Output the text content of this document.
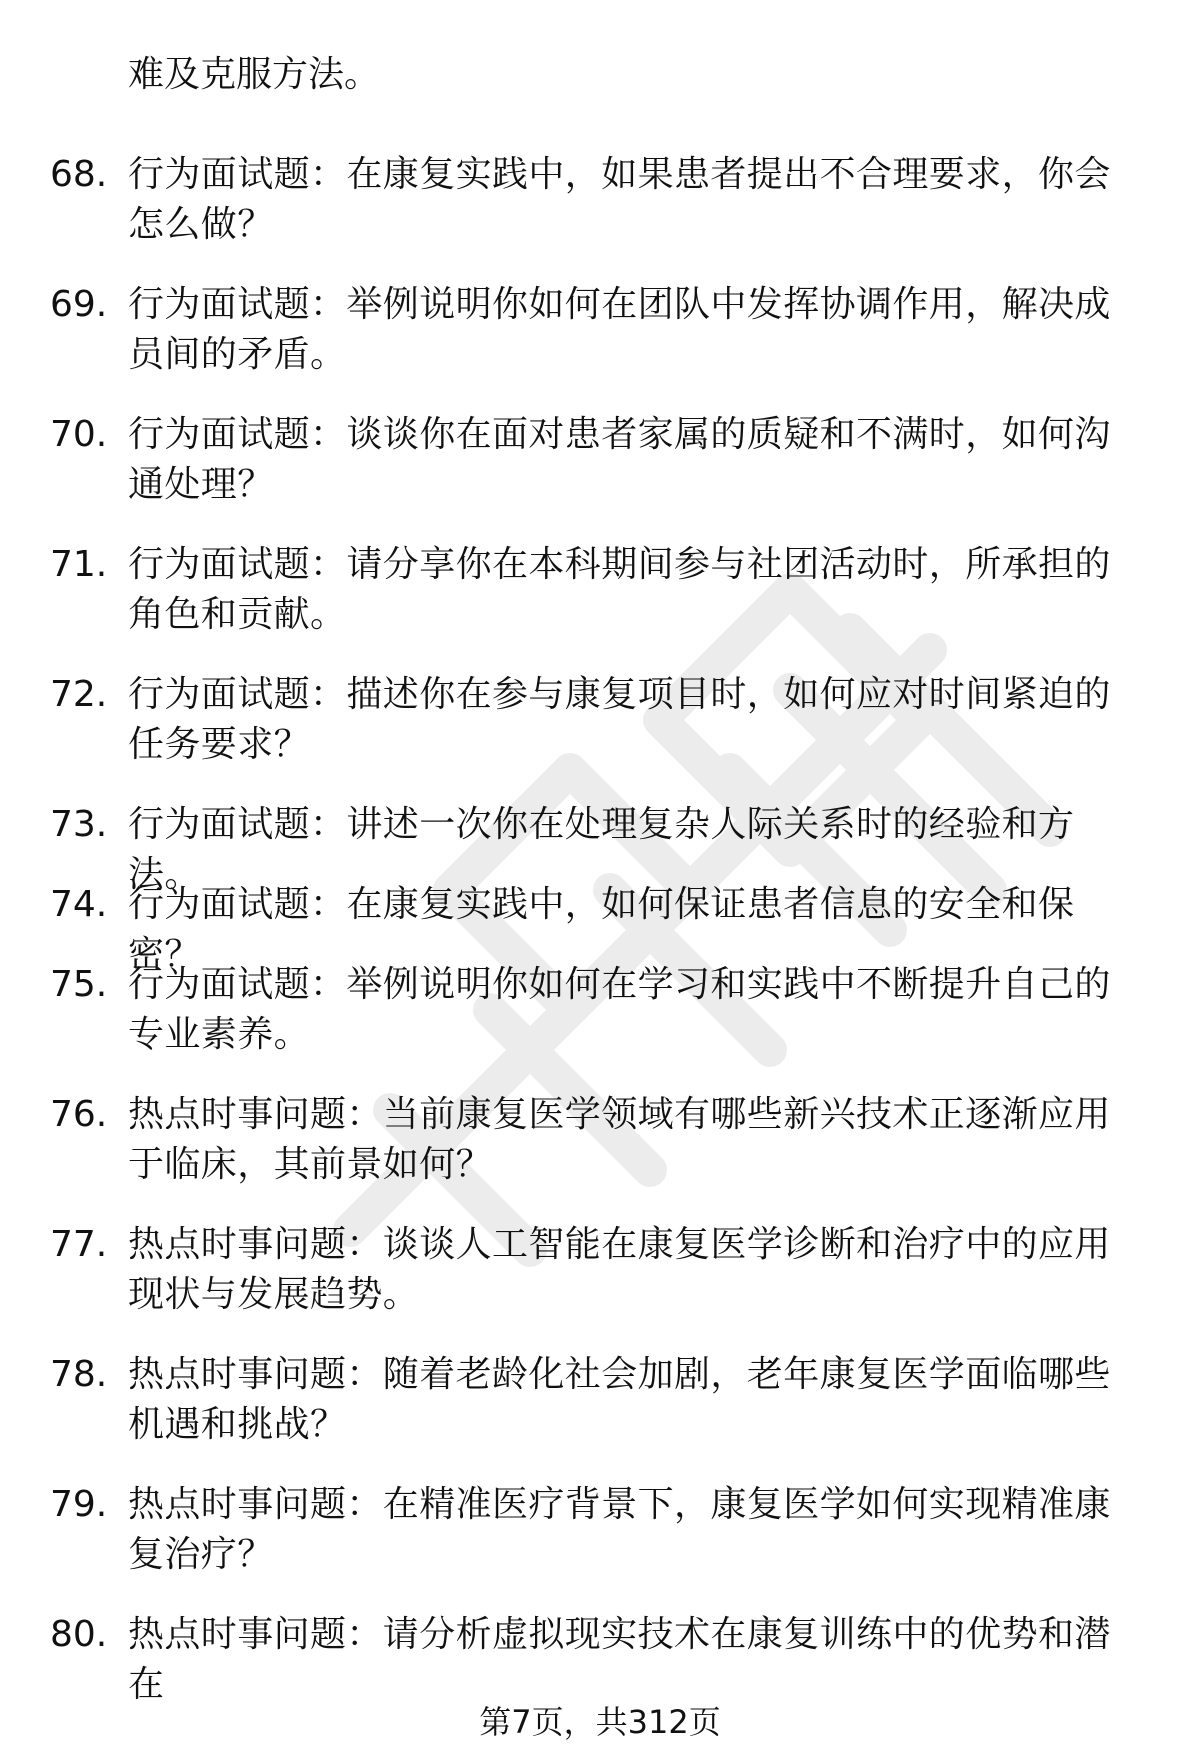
难及克服方法。
68. 行为面试题：在康复实践中，如果患者提出不合理要求，你会怎么做？
69. 行为面试题：举例说明你如何在团队中发挥协调作用，解决成员间的矛盾。
70. 行为面试题：谈谈你在面对患者家属的质疑和不满时，如何沟通处理？
71. 行为面试题：请分享你在本科期间参与社团活动时，所承担的角色和贡献。
72. 行为面试题：描述你在参与康复项目时，如何应对时间紧迫的任务要求？
73. 行为面试题：讲述一次你在处理复杂人际关系时的经验和方法。
74. 行为面试题：在康复实践中，如何保证患者信息的安全和保密？
75. 行为面试题：举例说明你如何在学习和实践中不断提升自己的专业素养。
76. 热点时事问题：当前康复医学领域有哪些新兴技术正逐渐应用于临床，其前景如何？
77. 热点时事问题：谈谈人工智能在康复医学诊断和治疗中的应用现状与发展趋势。
78. 热点时事问题：随着老龄化社会加剧，老年康复医学面临哪些机遇和挑战？
79. 热点时事问题：在精准医疗背景下，康复医学如何实现精准康复治疗？
80. 热点时事问题：请分析虚拟现实技术在康复训练中的优势和潜在
第7页，共312页
